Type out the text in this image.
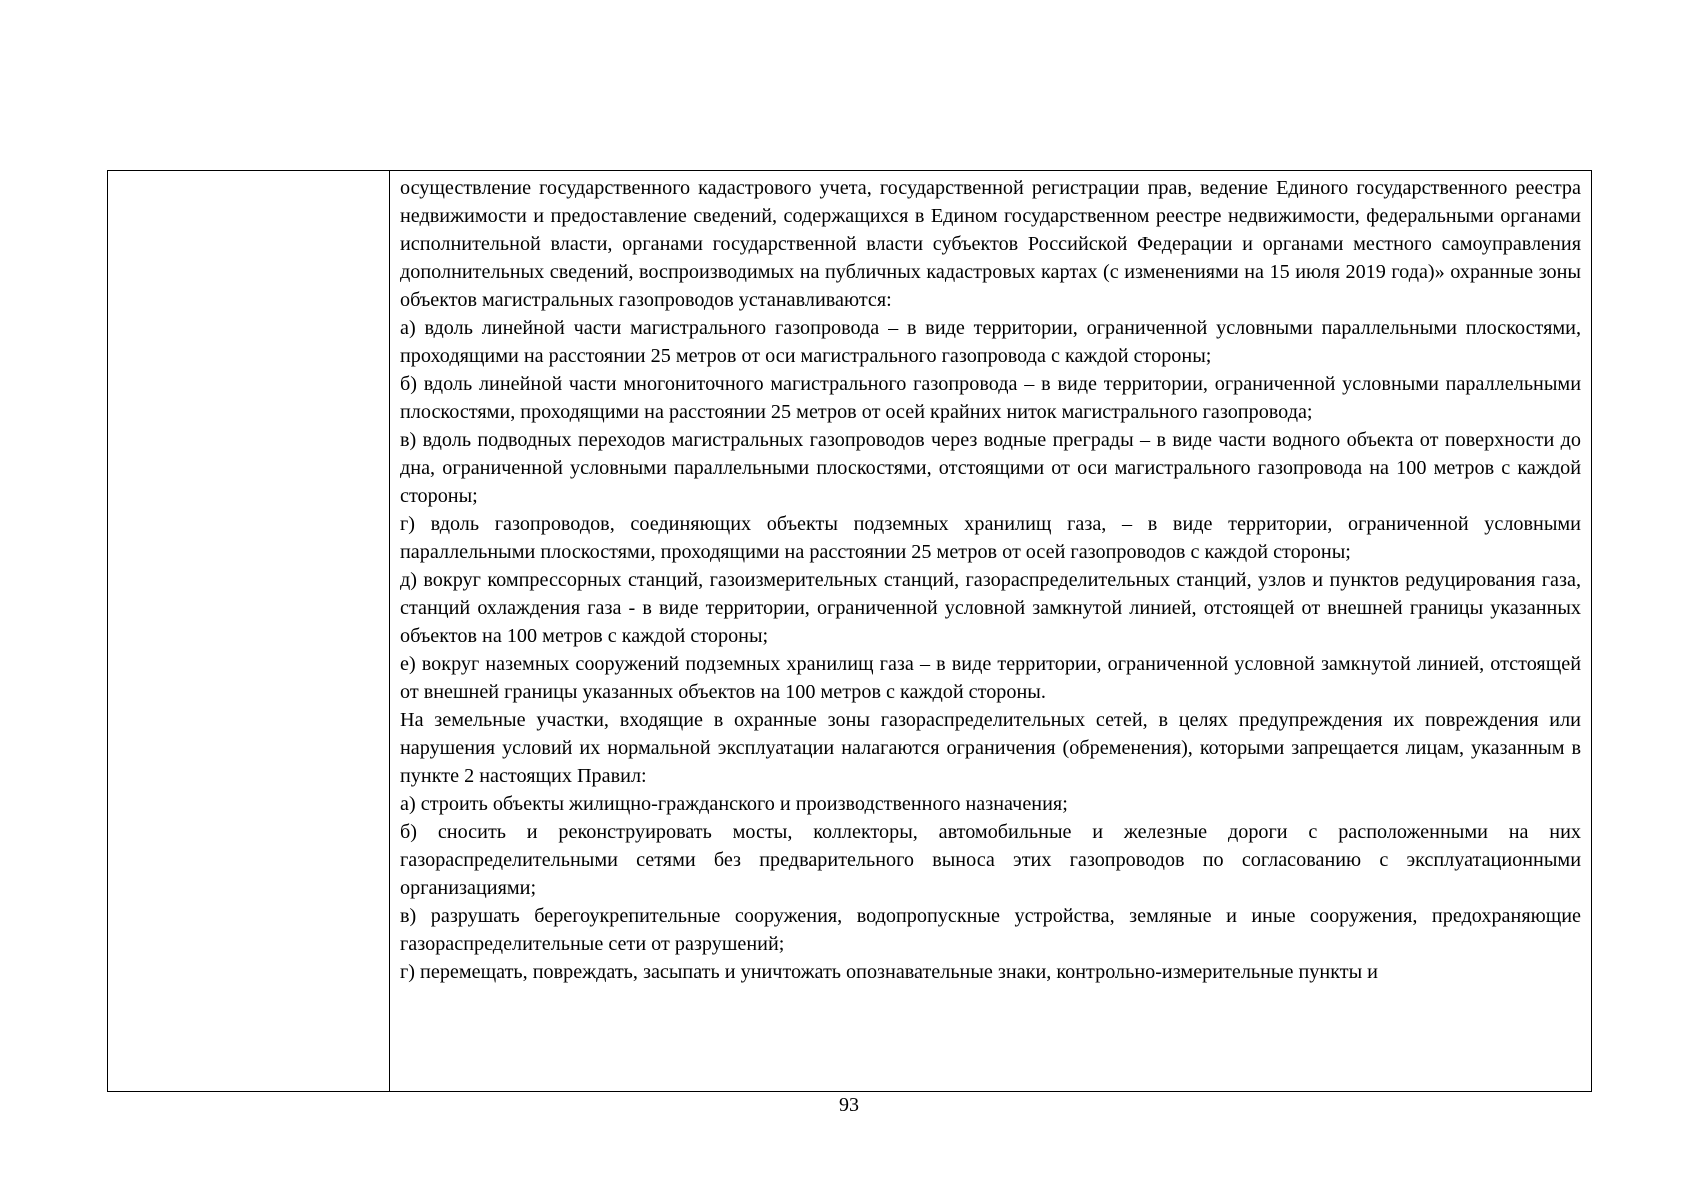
осуществление государственного кадастрового учета, государственной регистрации прав, ведение Единого государственного реестра недвижимости и предоставление сведений, содержащихся в Едином государственном реестре недвижимости, федеральными органами исполнительной власти, органами государственной власти субъектов Российской Федерации и органами местного самоуправления дополнительных сведений, воспроизводимых на публичных кадастровых картах (с изменениями на 15 июля 2019 года)» охранные зоны объектов магистральных газопроводов устанавливаются:

а) вдоль линейной части магистрального газопровода – в виде территории, ограниченной условными параллельными плоскостями, проходящими на расстоянии 25 метров от оси магистрального газопровода с каждой стороны;

б) вдоль линейной части многониточного магистрального газопровода – в виде территории, ограниченной условными параллельными плоскостями, проходящими на расстоянии 25 метров от осей крайних ниток магистрального газопровода;

в) вдоль подводных переходов магистральных газопроводов через водные преграды – в виде части водного объекта от поверхности до дна, ограниченной условными параллельными плоскостями, отстоящими от оси магистрального газопровода на 100 метров с каждой стороны;

г) вдоль газопроводов, соединяющих объекты подземных хранилищ газа, – в виде территории, ограниченной условными параллельными плоскостями, проходящими на расстоянии 25 метров от осей газопроводов с каждой стороны;

д) вокруг компрессорных станций, газоизмерительных станций, газораспределительных станций, узлов и пунктов редуцирования газа, станций охлаждения газа - в виде территории, ограниченной условной замкнутой линией, отстоящей от внешней границы указанных объектов на 100 метров с каждой стороны;

е) вокруг наземных сооружений подземных хранилищ газа – в виде территории, ограниченной условной замкнутой линией, отстоящей от внешней границы указанных объектов на 100 метров с каждой стороны.

На земельные участки, входящие в охранные зоны газораспределительных сетей, в целях предупреждения их повреждения или нарушения условий их нормальной эксплуатации налагаются ограничения (обременения), которыми запрещается лицам, указанным в пункте 2 настоящих Правил:

а) строить объекты жилищно-гражданского и производственного назначения;

б) сносить и реконструировать мосты, коллекторы, автомобильные и железные дороги с расположенными на них газораспределительными сетями без предварительного выноса этих газопроводов по согласованию с эксплуатационными организациями;

в) разрушать берегоукрепительные сооружения, водопропускные устройства, земляные и иные сооружения, предохраняющие газораспределительные сети от разрушений;

г) перемещать, повреждать, засыпать и уничтожать опознавательные знаки, контрольно-измерительные пункты и

93
